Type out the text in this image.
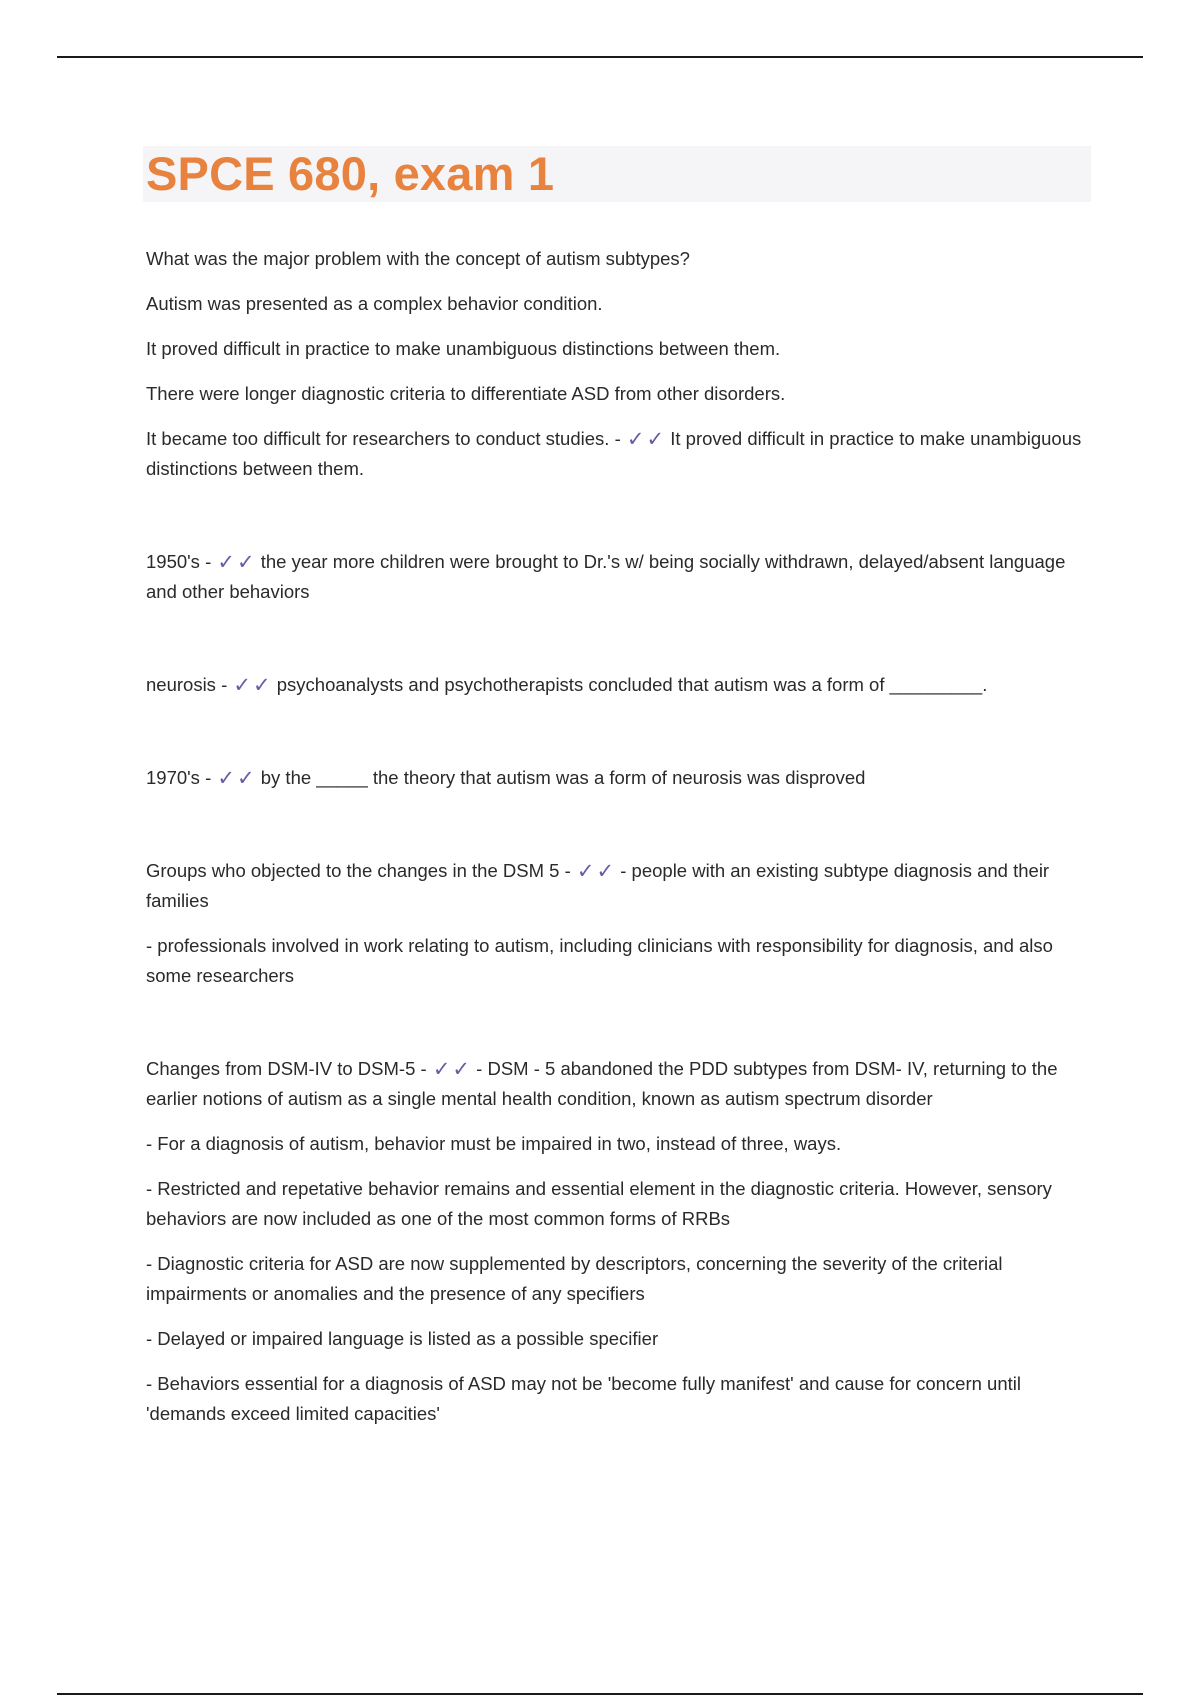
SPCE 680, exam 1

What was the major problem with the concept of autism subtypes?

Autism was presented as a complex behavior condition.

It proved difficult in practice to make unambiguous distinctions between them.

There were longer diagnostic criteria to differentiate ASD from other disorders.

It became too difficult for researchers to conduct studies. - ✓✓ It proved difficult in practice to make unambiguous distinctions between them.

1950's - ✓✓ the year more children were brought to Dr.'s w/ being socially withdrawn, delayed/absent language and other behaviors

neurosis - ✓✓ psychoanalysts and psychotherapists concluded that autism was a form of _________.

1970's - ✓✓ by the _____ the theory that autism was a form of neurosis was disproved

Groups who objected to the changes in the DSM 5 - ✓✓ - people with an existing subtype diagnosis and their families

- professionals involved in work relating to autism, including clinicians with responsibility for diagnosis, and also some researchers

Changes from DSM-IV to DSM-5 - ✓✓ - DSM - 5 abandoned the PDD subtypes from DSM- IV, returning to the earlier notions of autism as a single mental health condition, known as autism spectrum disorder

- For a diagnosis of autism, behavior must be impaired in two, instead of three, ways.

- Restricted and repetative behavior remains and essential element in the diagnostic criteria. However, sensory behaviors are now included as one of the most common forms of RRBs

- Diagnostic criteria for ASD are now supplemented by descriptors, concerning the severity of the criterial impairments or anomalies and the presence of any specifiers

- Delayed or impaired language is listed as a possible specifier

- Behaviors essential for a diagnosis of ASD may not be 'become fully manifest' and cause for concern until 'demands exceed limited capacities'
